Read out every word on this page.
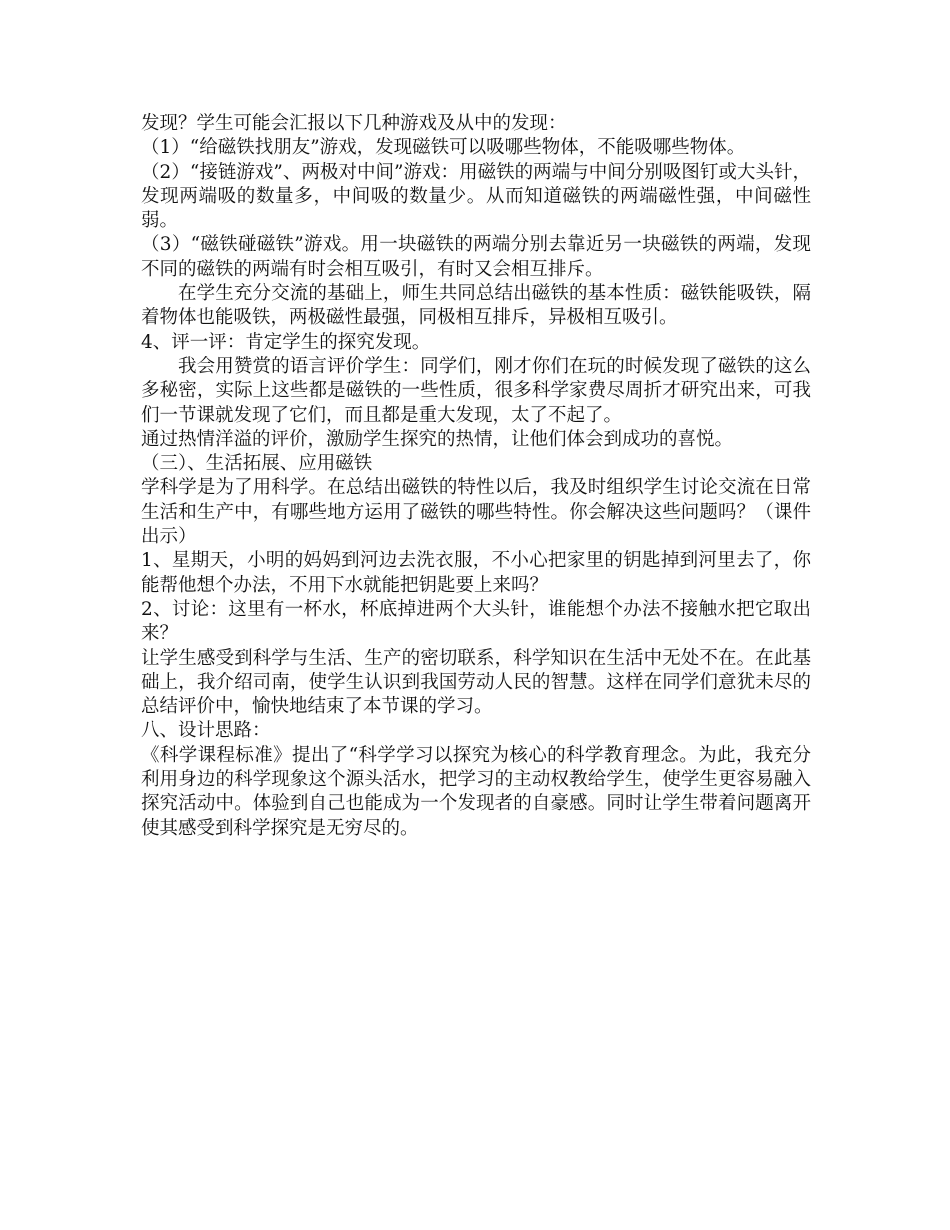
发现？学生可能会汇报以下几种游戏及从中的发现：

（1）“给磁铁找朋友”游戏，发现磁铁可以吸哪些物体，不能吸哪些物体。

（2）“接链游戏”、两极对中间”游戏：用磁铁的两端与中间分别吸图钉或大头针，发现两端吸的数量多，中间吸的数量少。从而知道磁铁的两端磁性强，中间磁性弱。

（3）“磁铁碰磁铁”游戏。用一块磁铁的两端分别去靠近另一块磁铁的两端，发现不同的磁铁的两端有时会相互吸引，有时又会相互排斥。

在学生充分交流的基础上，师生共同总结出磁铁的基本性质：磁铁能吸铁，隔着物体也能吸铁，两极磁性最强，同极相互排斥，异极相互吸引。

4、评一评：肯定学生的探究发现。

我会用赞赏的语言评价学生：同学们，刚才你们在玩的时候发现了磁铁的这么多秘密，实际上这些都是磁铁的一些性质，很多科学家费尽周折才研究出来，可我们一节课就发现了它们，而且都是重大发现，太了不起了。

通过热情洋溢的评价，激励学生探究的热情，让他们体会到成功的喜悦。

（三）、生活拓展、应用磁铁

学科学是为了用科学。在总结出磁铁的特性以后，我及时组织学生讨论交流在日常生活和生产中，有哪些地方运用了磁铁的哪些特性。你会解决这些问题吗？（课件出示）

1、星期天，小明的妈妈到河边去洗衣服，不小心把家里的钥匙掉到河里去了，你能帮他想个办法，不用下水就能把钥匙要上来吗？

2、讨论：这里有一杯水，杯底掉进两个大头针，谁能想个办法不接触水把它取出来？

让学生感受到科学与生活、生产的密切联系，科学知识在生活中无处不在。在此基础上，我介绍司南，使学生认识到我国劳动人民的智慧。这样在同学们意犹未尽的总结评价中，愉快地结束了本节课的学习。

八、设计思路：

《科学课程标准》提出了“科学学习以探究为核心的科学教育理念。为此，我充分利用身边的科学现象这个源头活水，把学习的主动权教给学生，使学生更容易融入探究活动中。体验到自己也能成为一个发现者的自豪感。同时让学生带着问题离开使其感受到科学探究是无穷尽的。
